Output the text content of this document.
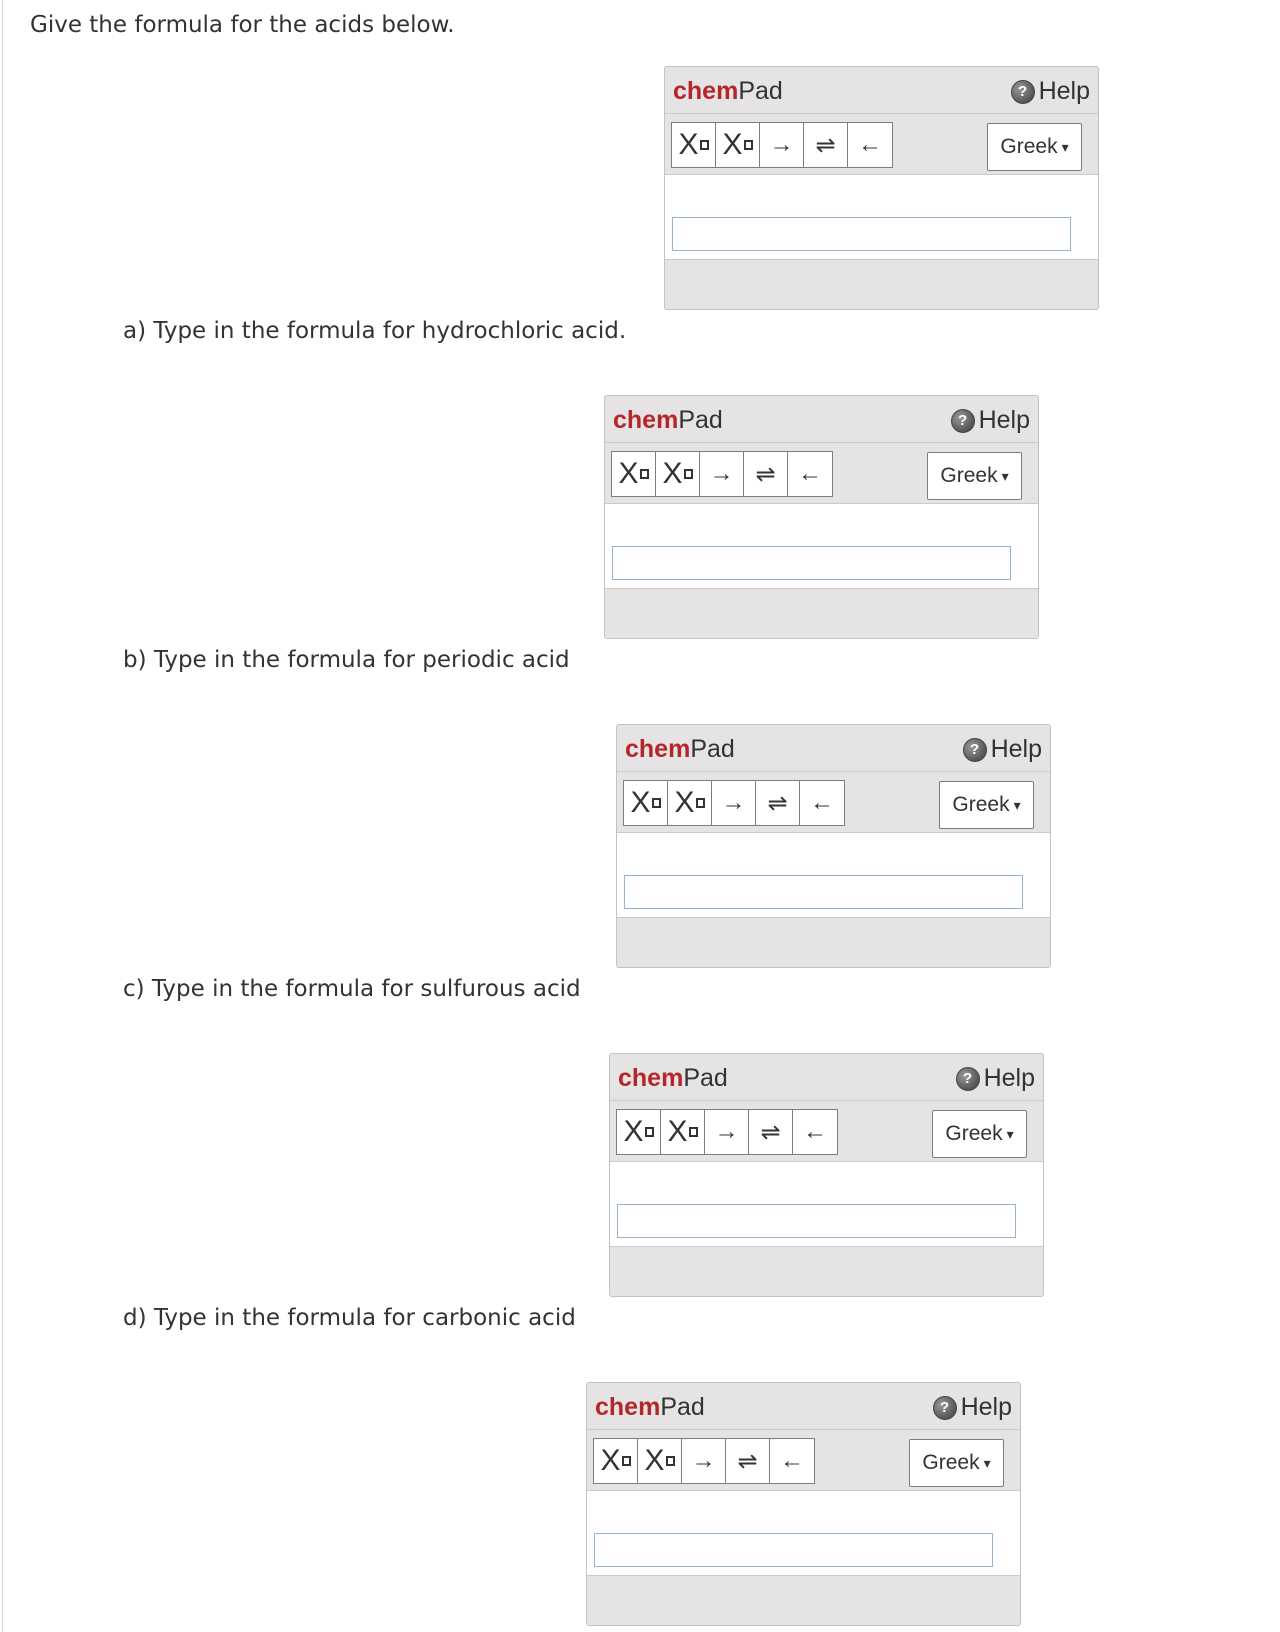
Give the formula for the acids below.
chemPad	? Help
X X	→ ⇌ ←	Greek ▾
a) Type in the formula for hydrochloric acid.
chemPad	? Help
X X	→ ⇌ ←	Greek ▾
b) Type in the formula for periodic acid
chemPad	? Help
X X	→ ⇌ ←	Greek ▾
c) Type in the formula for sulfurous acid
chemPad	? Help
X X	→ ⇌ ←	Greek ▾
d) Type in the formula for carbonic acid
chemPad	? Help
X X	→ ⇌ ←	Greek ▾
